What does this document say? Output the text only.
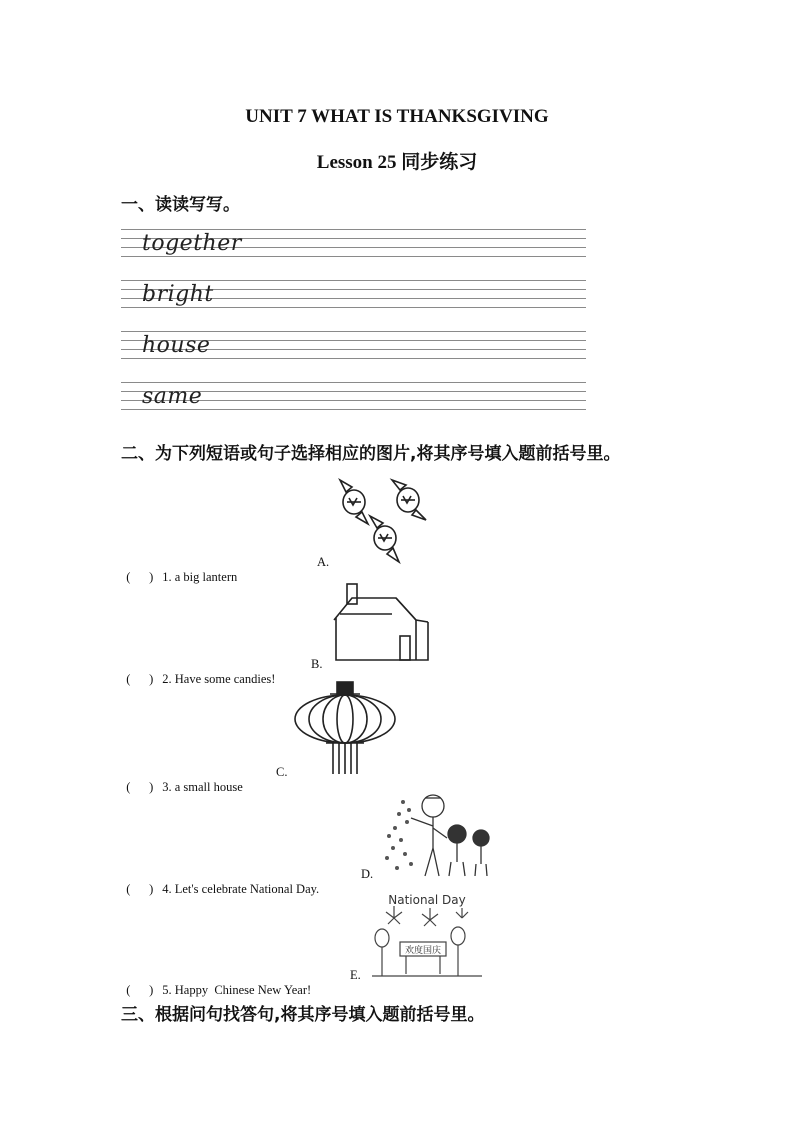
UNIT 7 WHAT IS THANKSGIVING
Lesson 25 同步练习
一、读读写写。
together
bright
house
same
二、为下列短语或句子选择相应的图片,将其序号填入题前括号里。

(      ) 1. a big lantern

A.

(      ) 2. Have some candies!

B.

(      ) 3. a small house

C.

(      ) 4. Let's celebrate National Day.

D.

(      ) 5. Happy  Chinese New Year!

E.

National Day
欢度国庆
三、根据问句找答句,将其序号填入题前括号里。
